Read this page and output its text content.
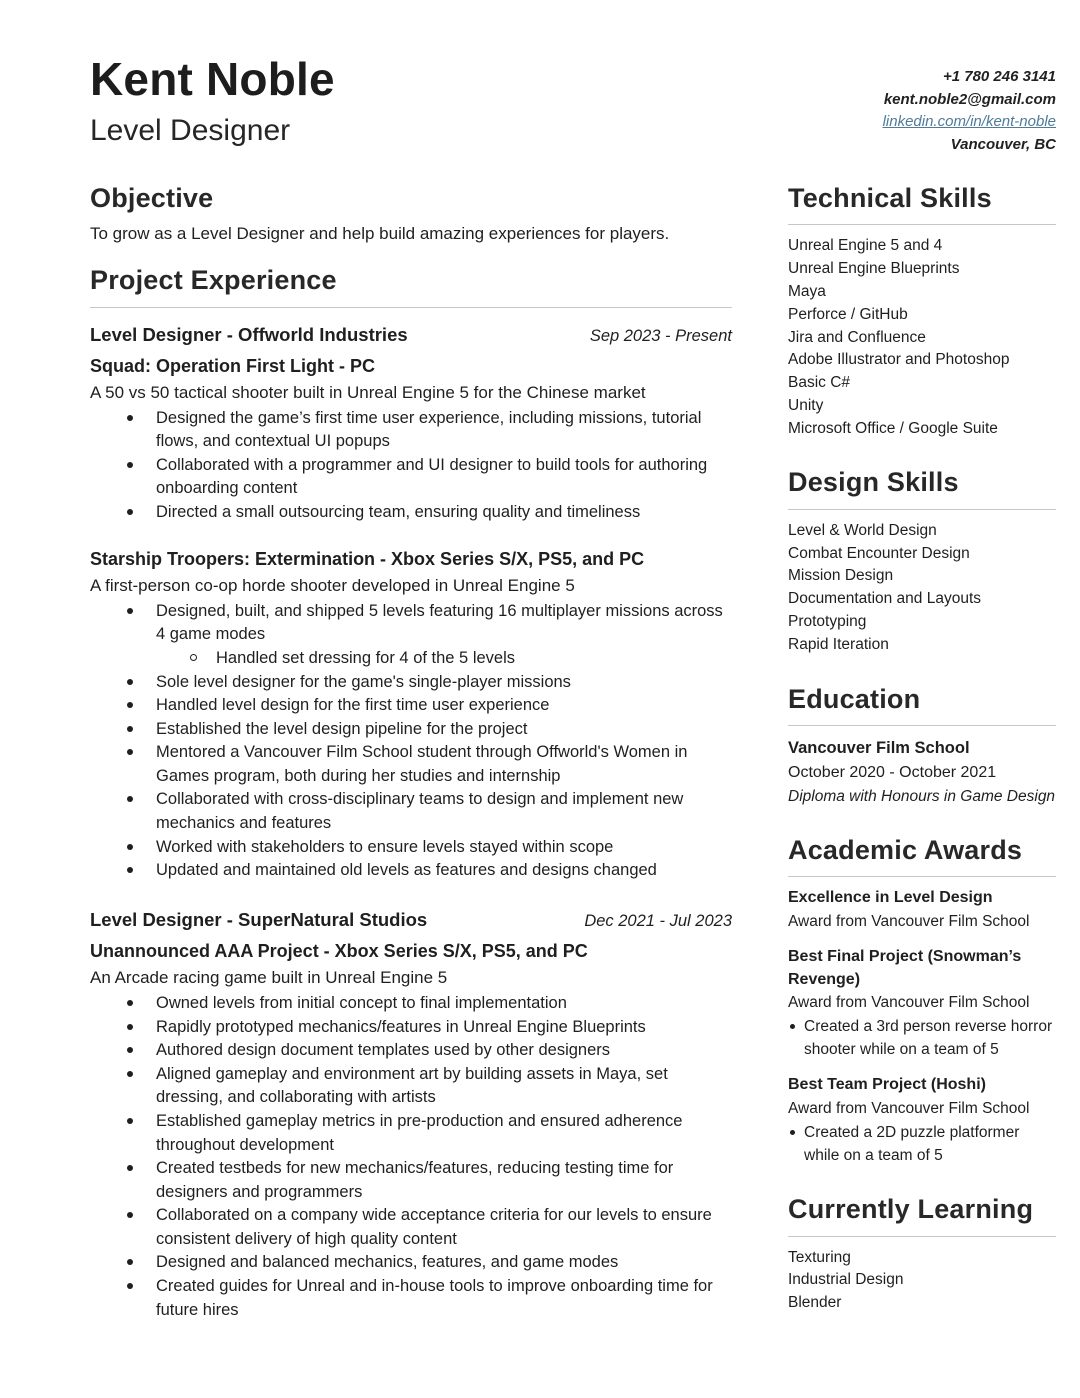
Kent Noble
Level Designer
+1 780 246 3141
kent.noble2@gmail.com
linkedin.com/in/kent-noble
Vancouver, BC
Objective

To grow as a Level Designer and help build amazing experiences for players.

Project Experience
Level Designer - Offworld Industries	Sep 2023 - Present
Squad: Operation First Light - PC
A 50 vs 50 tactical shooter built in Unreal Engine 5 for the Chinese market
Designed the game’s first time user experience, including missions, tutorial flows, and contextual UI popups
Collaborated with a programmer and UI designer to build tools for authoring onboarding content
Directed a small outsourcing team, ensuring quality and timeliness
Starship Troopers: Extermination - Xbox Series S/X, PS5, and PC
A first-person co-op horde shooter developed in Unreal Engine 5
Designed, built, and shipped 5 levels featuring 16 multiplayer missions across 4 game modes
Handled set dressing for 4 of the 5 levels
Sole level designer for the game's single-player missions
Handled level design for the first time user experience
Established the level design pipeline for the project
Mentored a Vancouver Film School student through Offworld's Women in Games program, both during her studies and internship
Collaborated with cross-disciplinary teams to design and implement new mechanics and features
Worked with stakeholders to ensure levels stayed within scope
Updated and maintained old levels as features and designs changed
Level Designer - SuperNatural Studios	Dec 2021 - Jul 2023
Unannounced AAA Project - Xbox Series S/X, PS5, and PC
An Arcade racing game built in Unreal Engine 5
Owned levels from initial concept to final implementation
Rapidly prototyped mechanics/features in Unreal Engine Blueprints
Authored design document templates used by other designers
Aligned gameplay and environment art by building assets in Maya, set dressing, and collaborating with artists
Established gameplay metrics in pre-production and ensured adherence throughout development
Created testbeds for new mechanics/features, reducing testing time for designers and programmers
Collaborated on a company wide acceptance criteria for our levels to ensure consistent delivery of high quality content
Designed and balanced mechanics, features, and game modes
Created guides for Unreal and in-house tools to improve onboarding time for future hires
Technical Skills
Unreal Engine 5 and 4
Unreal Engine Blueprints
Maya
Perforce / GitHub
Jira and Confluence
Adobe Illustrator and Photoshop
Basic C#
Unity
Microsoft Office / Google Suite
Design Skills
Level & World Design
Combat Encounter Design
Mission Design
Documentation and Layouts
Prototyping
Rapid Iteration
Education
Vancouver Film School
October 2020 - October 2021
Diploma with Honours in Game Design
Academic Awards
Excellence in Level Design
Award from Vancouver Film School
Best Final Project (Snowman’s Revenge)
Award from Vancouver Film School
Created a 3rd person reverse horror shooter while on a team of 5
Best Team Project (Hoshi)
Award from Vancouver Film School
Created a 2D puzzle platformer while on a team of 5
Currently Learning
Texturing
Industrial Design
Blender
